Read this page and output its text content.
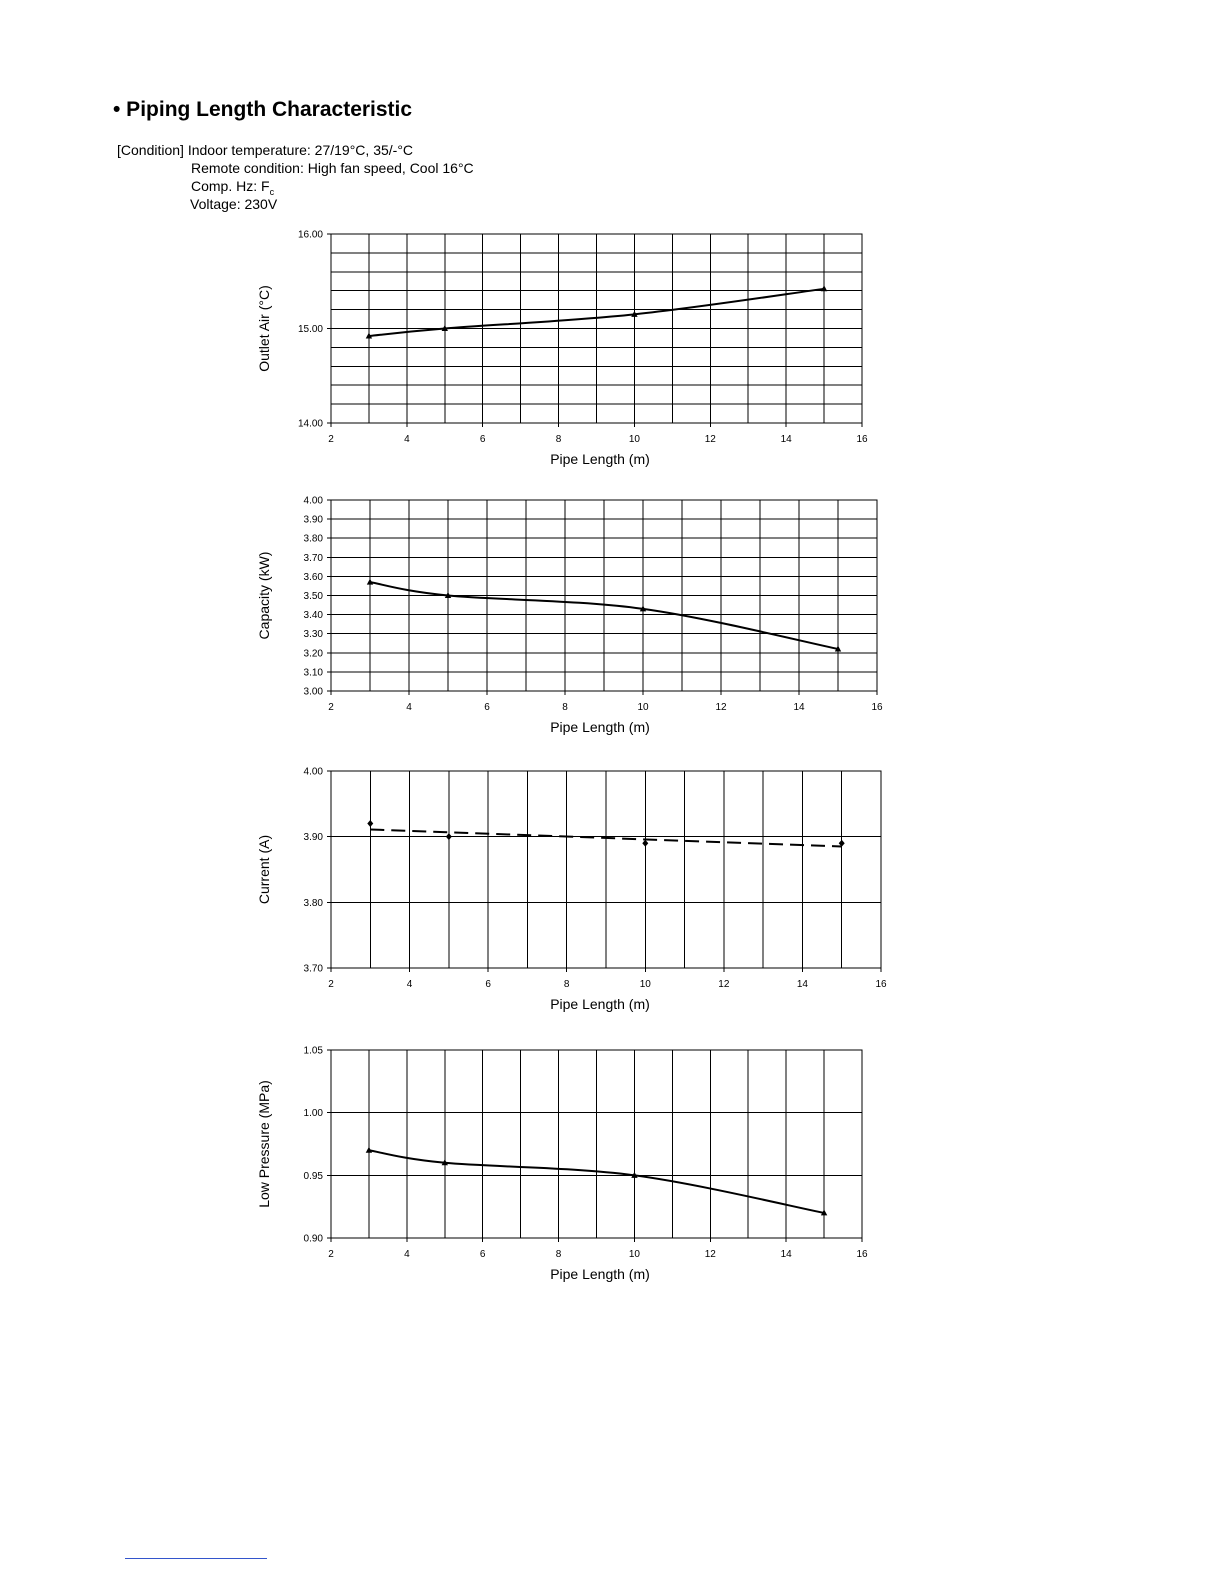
• Piping Length Characteristic
[Condition] Indoor temperature: 27/19°C, 35/-°C
Remote condition: High fan speed, Cool 16°C
Comp. Hz: $F_c$
Voltage: 230V
14.00
15.00
16.00
2	4	6	8	10	12	14	16
Pipe Length (m)
Outlet Air (°C)
3.00
3.10
3.20
3.30
3.40
3.50
3.60
3.70
3.80
3.90
4.00
2	4	6	8	10	12	14	16
Pipe Length (m)
Capacity (kW)
3.70
3.80
3.90
4.00
2	4	6	8	10	12	14	16
Pipe Length (m)
Current (A)
0.90
0.95
1.00
1.05
2	4	6	8	10	12	14	16
Pipe Length (m)
Low Pressure (MPa)
